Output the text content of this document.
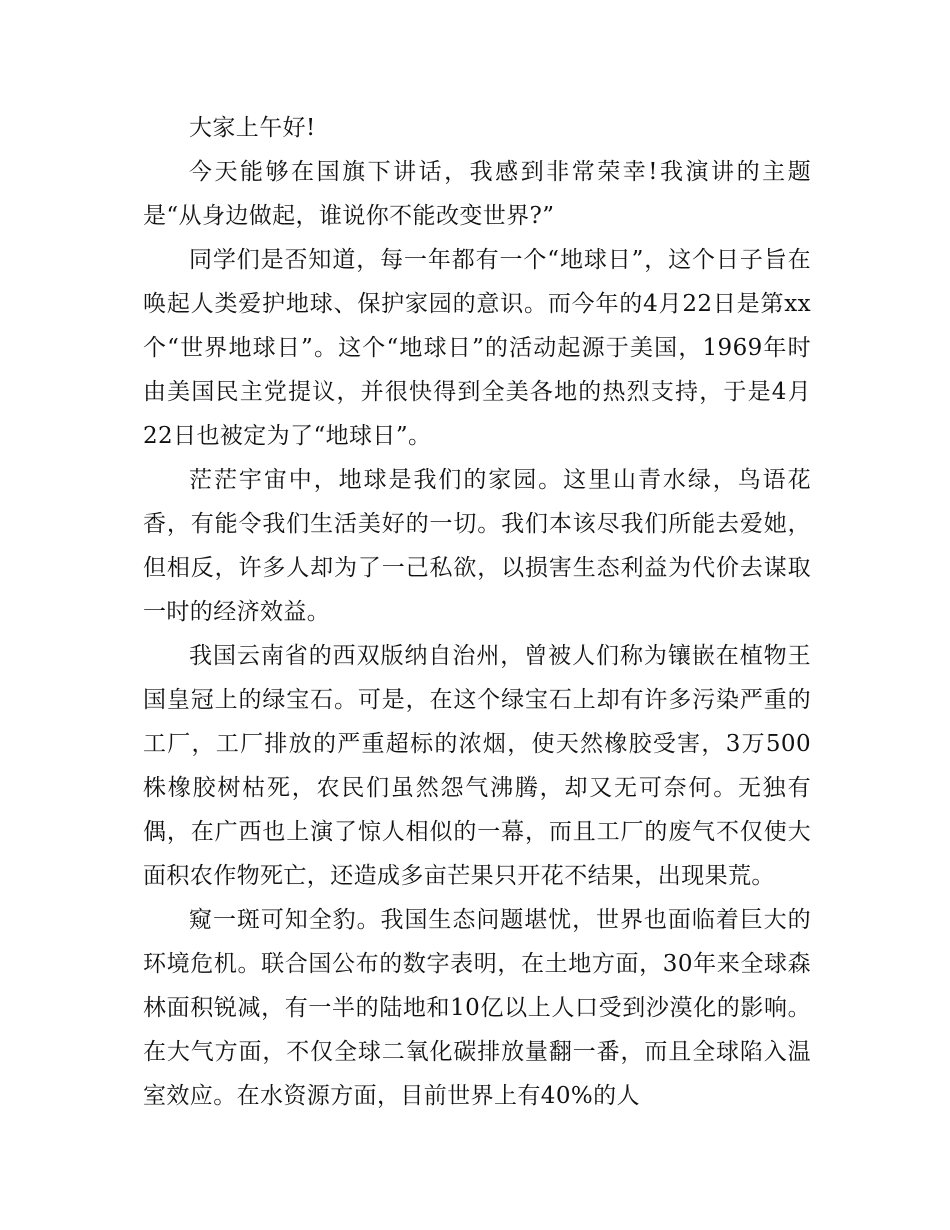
大家上午好!

今天能够在国旗下讲话，我感到非常荣幸!我演讲的主题是“从身边做起，谁说你不能改变世界?”

同学们是否知道，每一年都有一个“地球日”，这个日子旨在唤起人类爱护地球、保护家园的意识。而今年的4月22日是第xx个“世界地球日”。这个“地球日”的活动起源于美国，1969年时由美国民主党提议，并很快得到全美各地的热烈支持，于是4月22日也被定为了“地球日”。

茫茫宇宙中，地球是我们的家园。这里山青水绿，鸟语花香，有能令我们生活美好的一切。我们本该尽我们所能去爱她，但相反，许多人却为了一己私欲，以损害生态利益为代价去谋取一时的经济效益。

我国云南省的西双版纳自治州，曾被人们称为镶嵌在植物王国皇冠上的绿宝石。可是，在这个绿宝石上却有许多污染严重的工厂，工厂排放的严重超标的浓烟，使天然橡胶受害，3万500株橡胶树枯死，农民们虽然怨气沸腾，却又无可奈何。无独有偶，在广西也上演了惊人相似的一幕，而且工厂的废气不仅使大面积农作物死亡，还造成多亩芒果只开花不结果，出现果荒。

窥一斑可知全豹。我国生态问题堪忧，世界也面临着巨大的环境危机。联合国公布的数字表明，在土地方面，30年来全球森林面积锐减，有一半的陆地和10亿以上人口受到沙漠化的影响。在大气方面，不仅全球二氧化碳排放量翻一番，而且全球陷入温室效应。在水资源方面，目前世界上有40%的人
